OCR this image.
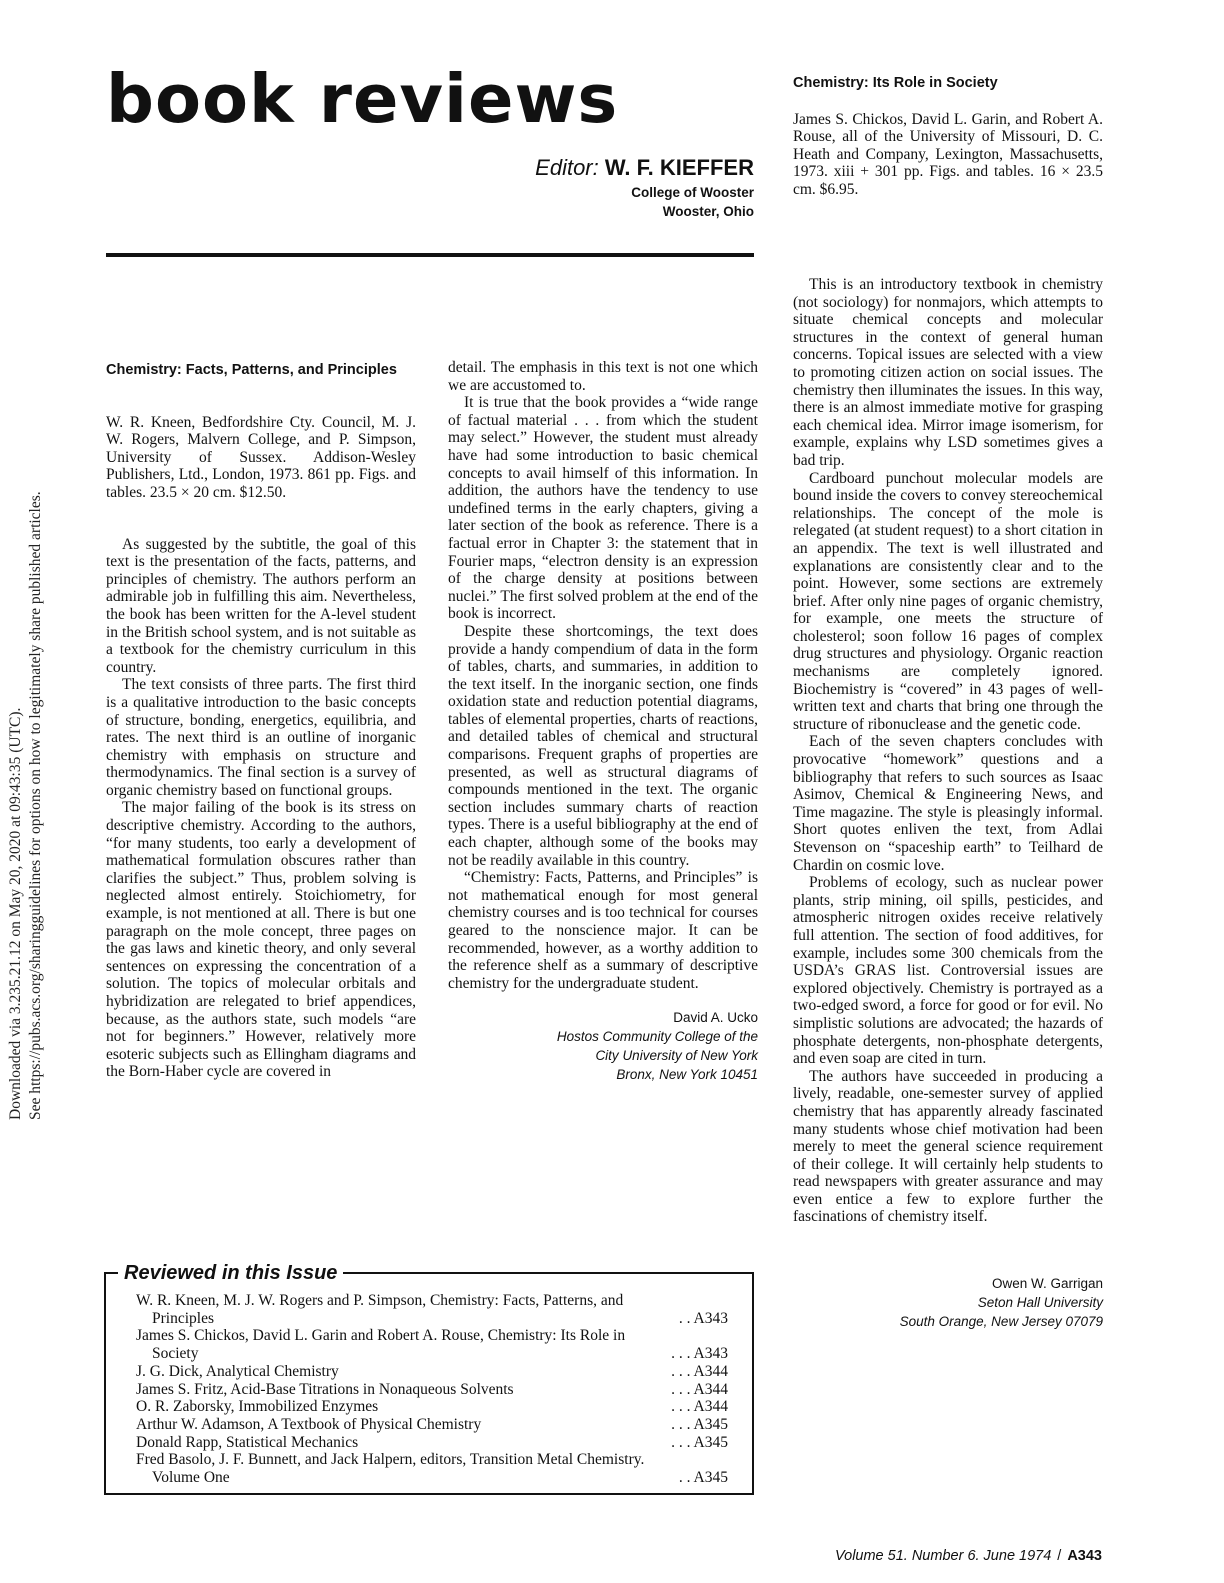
Downloaded via 3.235.21.12 on May 20, 2020 at 09:43:35 (UTC). See https://pubs.acs.org/sharingguidelines for options on how to legitimately share published articles.
book reviews
Editor: W. F. KIEFFER
College of Wooster
Wooster, Ohio
Chemistry: Facts, Patterns, and Principles

W. R. Kneen, Bedfordshire Cty. Council, M. J. W. Rogers, Malvern College, and P. Simpson, University of Sussex. Addison-Wesley Publishers, Ltd., London, 1973. 861 pp. Figs. and tables. 23.5 × 20 cm. $12.50.

As suggested by the subtitle, the goal of this text is the presentation of the facts, patterns, and principles of chemistry. The authors perform an admirable job in fulfilling this aim. Nevertheless, the book has been written for the A-level student in the British school system, and is not suitable as a textbook for the chemistry curriculum in this country.

The text consists of three parts. The first third is a qualitative introduction to the basic concepts of structure, bonding, energetics, equilibria, and rates. The next third is an outline of inorganic chemistry with emphasis on structure and thermodynamics. The final section is a survey of organic chemistry based on functional groups.

The major failing of the book is its stress on descriptive chemistry. According to the authors, “for many students, too early a development of mathematical formulation obscures rather than clarifies the subject.” Thus, problem solving is neglected almost entirely. Stoichiometry, for example, is not mentioned at all. There is but one paragraph on the mole concept, three pages on the gas laws and kinetic theory, and only several sentences on expressing the concentration of a solution. The topics of molecular orbitals and hybridization are relegated to brief appendices, because, as the authors state, such models “are not for beginners.” However, relatively more esoteric subjects such as Ellingham diagrams and the Born-Haber cycle are covered in

detail. The emphasis in this text is not one which we are accustomed to.

It is true that the book provides a “wide range of factual material . . . from which the student may select.” However, the student must already have had some introduction to basic chemical concepts to avail himself of this information. In addition, the authors have the tendency to use undefined terms in the early chapters, giving a later section of the book as reference. There is a factual error in Chapter 3: the statement that in Fourier maps, “electron density is an expression of the charge density at positions between nuclei.” The first solved problem at the end of the book is incorrect.

Despite these shortcomings, the text does provide a handy compendium of data in the form of tables, charts, and summaries, in addition to the text itself. In the inorganic section, one finds oxidation state and reduction potential diagrams, tables of elemental properties, charts of reactions, and detailed tables of chemical and structural comparisons. Frequent graphs of properties are presented, as well as structural diagrams of compounds mentioned in the text. The organic section includes summary charts of reaction types. There is a useful bibliography at the end of each chapter, although some of the books may not be readily available in this country.

“Chemistry: Facts, Patterns, and Principles” is not mathematical enough for most general chemistry courses and is too technical for courses geared to the nonscience major. It can be recommended, however, as a worthy addition to the reference shelf as a summary of descriptive chemistry for the undergraduate student.

David A. Ucko
Hostos Community College of the
City University of New York
Bronx, New York 10451
Chemistry: Its Role in Society

James S. Chickos, David L. Garin, and Robert A. Rouse, all of the University of Missouri, D. C. Heath and Company, Lexington, Massachusetts, 1973. xiii + 301 pp. Figs. and tables. 16 × 23.5 cm. $6.95.

This is an introductory textbook in chemistry (not sociology) for nonmajors, which attempts to situate chemical concepts and molecular structures in the context of general human concerns. Topical issues are selected with a view to promoting citizen action on social issues. The chemistry then illuminates the issues. In this way, there is an almost immediate motive for grasping each chemical idea. Mirror image isomerism, for example, explains why LSD sometimes gives a bad trip.

Cardboard punchout molecular models are bound inside the covers to convey stereochemical relationships. The concept of the mole is relegated (at student request) to a short citation in an appendix. The text is well illustrated and explanations are consistently clear and to the point. However, some sections are extremely brief. After only nine pages of organic chemistry, for example, one meets the structure of cholesterol; soon follow 16 pages of complex drug structures and physiology. Organic reaction mechanisms are completely ignored. Biochemistry is “covered” in 43 pages of well-written text and charts that bring one through the structure of ribonuclease and the genetic code.

Each of the seven chapters concludes with provocative “homework” questions and a bibliography that refers to such sources as Isaac Asimov, Chemical & Engineering News, and Time magazine. The style is pleasingly informal. Short quotes enliven the text, from Adlai Stevenson on “spaceship earth” to Teilhard de Chardin on cosmic love.

Problems of ecology, such as nuclear power plants, strip mining, oil spills, pesticides, and atmospheric nitrogen oxides receive relatively full attention. The section of food additives, for example, includes some 300 chemicals from the USDA’s GRAS list. Controversial issues are explored objectively. Chemistry is portrayed as a two-edged sword, a force for good or for evil. No simplistic solutions are advocated; the hazards of phosphate detergents, non-phosphate detergents, and even soap are cited in turn.

The authors have succeeded in producing a lively, readable, one-semester survey of applied chemistry that has apparently already fascinated many students whose chief motivation had been merely to meet the general science requirement of their college. It will certainly help students to read newspapers with greater assurance and may even entice a few to explore further the fascinations of chemistry itself.

Owen W. Garrigan
Seton Hall University
South Orange, New Jersey 07079
Reviewed in this Issue
W. R. Kneen, M. J. W. Rogers and P. Simpson, Chemistry: Facts, Patterns, and Principles	. . A343
James S. Chickos, David L. Garin and Robert A. Rouse, Chemistry: Its Role in Society	. . . A343
J. G. Dick, Analytical Chemistry	. . . A344
James S. Fritz, Acid-Base Titrations in Nonaqueous Solvents	. . . A344
O. R. Zaborsky, Immobilized Enzymes	. . . A344
Arthur W. Adamson, A Textbook of Physical Chemistry	. . . A345
Donald Rapp, Statistical Mechanics	. . . A345
Fred Basolo, J. F. Bunnett, and Jack Halpern, editors, Transition Metal Chemistry. Volume One	. . A345
Volume 51. Number 6. June 1974 / A343
